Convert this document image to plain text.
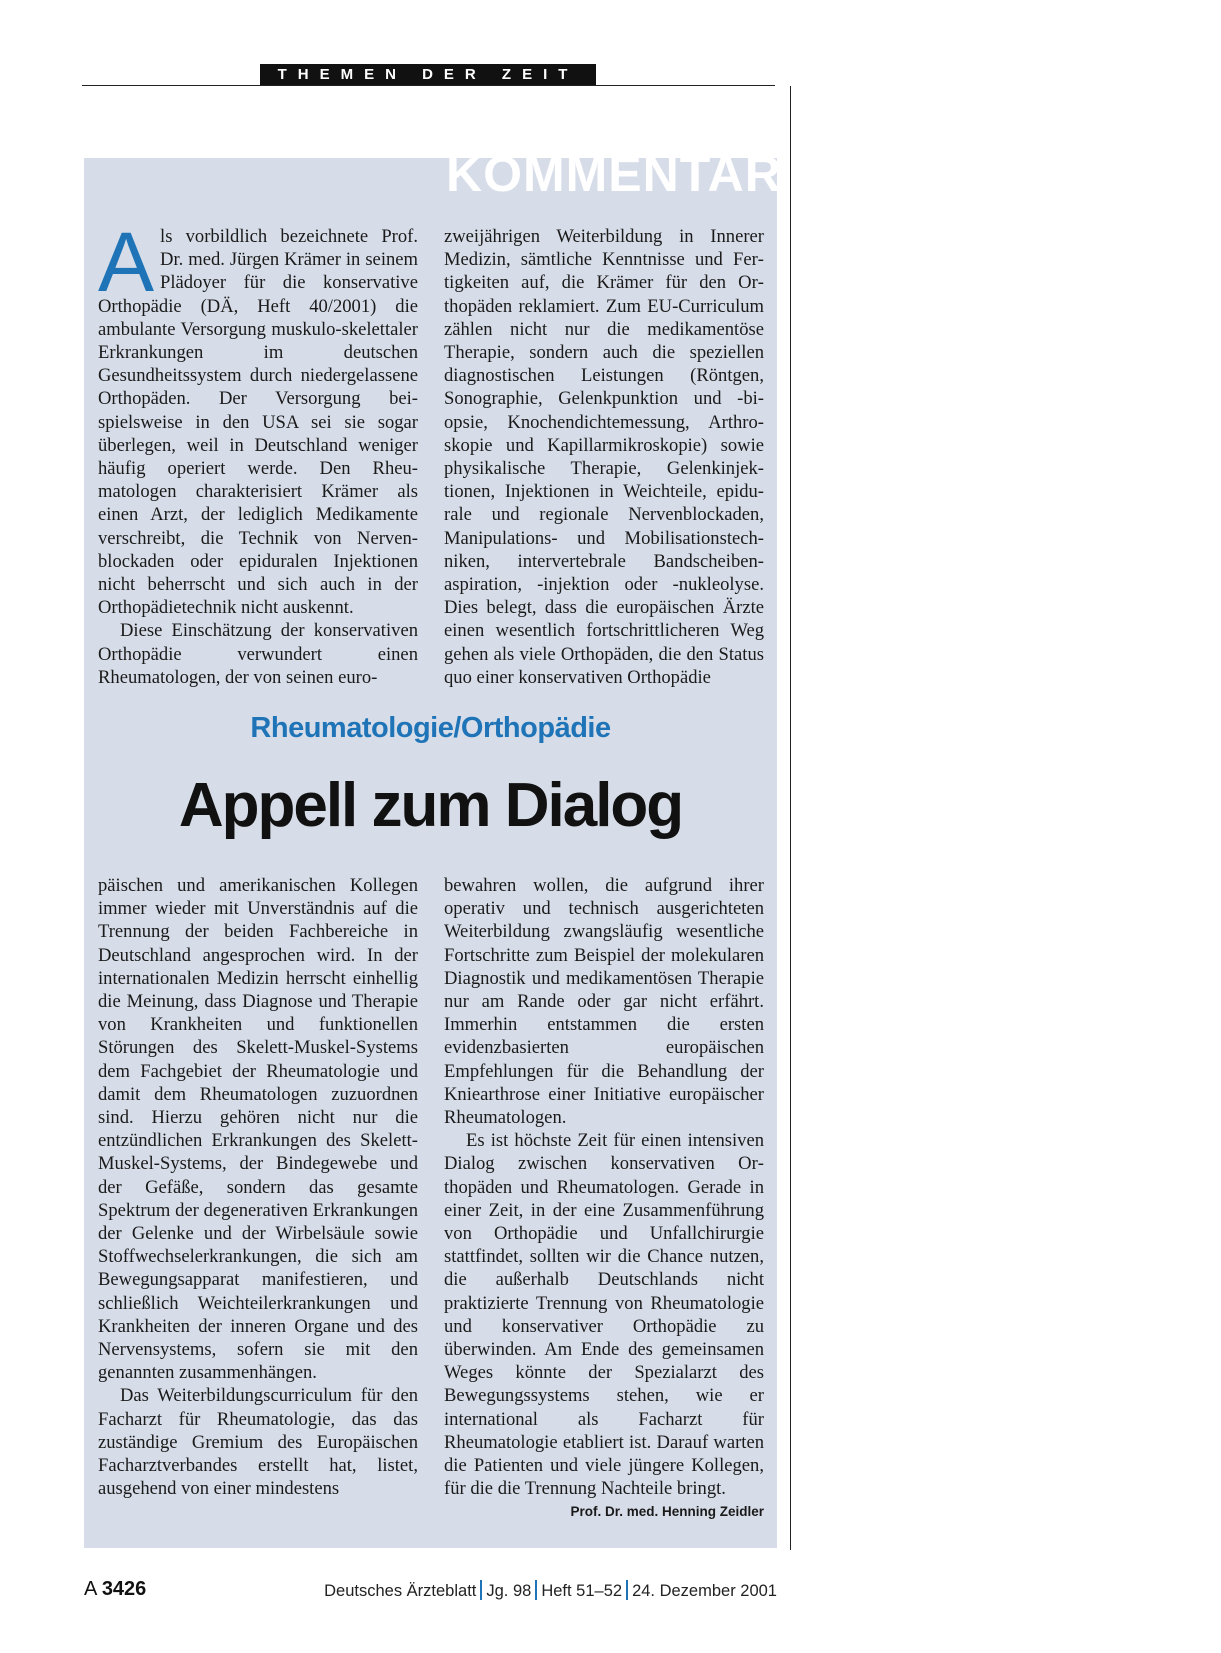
THEMEN DER ZEIT
KOMMENTAR

Als vorbildlich bezeichnete Prof. Dr. med. Jürgen Krämer in seinem Plädoyer für die konservative Orthopädie (DÄ, Heft 40/2001) die ambulante Versorgung muskulo-skelettaler Erkrankungen im deutschen Gesundheitssystem durch niedergelassene Orthopäden. Der Versorgung beispielsweise in den USA sei sie sogar überlegen, weil in Deutschland weniger häufig operiert werde. Den Rheumatologen charakterisiert Krämer als einen Arzt, der lediglich Medikamente verschreibt, die Technik von Nervenblockaden oder epiduralen Injektionen nicht beherrscht und sich auch in der Orthopädietechnik nicht auskennt.

Diese Einschätzung der konservativen Orthopädie verwundert einen Rheumatologen, der von seinen euro-

zweijährigen Weiterbildung in Innerer Medizin, sämtliche Kenntnisse und Fertigkeiten auf, die Krämer für den Orthopäden reklamiert. Zum EU-Curriculum zählen nicht nur die medikamentöse Therapie, sondern auch die speziellen diagnostischen Leistungen (Röntgen, Sonographie, Gelenkpunktion und -biopsie, Knochendichtemessung, Arthroskopie und Kapillarmikroskopie) sowie physikalische Therapie, Gelenkinjektionen, Injektionen in Weichteile, epidurale und regionale Nervenblockaden, Manipulations- und Mobilisationstechniken, intervertebrale Bandscheibenaspiration, -injektion oder -nukleolyse. Dies belegt, dass die europäischen Ärzte einen wesentlich fortschrittlicheren Weg gehen als viele Orthopäden, die den Status quo einer konservativen Orthopädie

Rheumatologie/Orthopädie
Appell zum Dialog

päischen und amerikanischen Kollegen immer wieder mit Unverständnis auf die Trennung der beiden Fachbereiche in Deutschland angesprochen wird. In der internationalen Medizin herrscht einhellig die Meinung, dass Diagnose und Therapie von Krankheiten und funktionellen Störungen des Skelett-Muskel-Systems dem Fachgebiet der Rheumatologie und damit dem Rheumatologen zuzuordnen sind. Hierzu gehören nicht nur die entzündlichen Erkrankungen des Skelett-Muskel-Systems, der Bindegewebe und der Gefäße, sondern das gesamte Spektrum der degenerativen Erkrankungen der Gelenke und der Wirbelsäule sowie Stoffwechselerkrankungen, die sich am Bewegungsapparat manifestieren, und schließlich Weichteilerkrankungen und Krankheiten der inneren Organe und des Nervensystems, sofern sie mit den genannten zusammenhängen.

Das Weiterbildungscurriculum für den Facharzt für Rheumatologie, das das zuständige Gremium des Europäischen Facharztverbandes erstellt hat, listet, ausgehend von einer mindestens

bewahren wollen, die aufgrund ihrer operativ und technisch ausgerichteten Weiterbildung zwangsläufig wesentliche Fortschritte zum Beispiel der molekularen Diagnostik und medikamentösen Therapie nur am Rande oder gar nicht erfährt. Immerhin entstammen die ersten evidenzbasierten europäischen Empfehlungen für die Behandlung der Kniearthrose einer Initiative europäischer Rheumatologen.

Es ist höchste Zeit für einen intensiven Dialog zwischen konservativen Orthopäden und Rheumatologen. Gerade in einer Zeit, in der eine Zusammenführung von Orthopädie und Unfallchirurgie stattfindet, sollten wir die Chance nutzen, die außerhalb Deutschlands nicht praktizierte Trennung von Rheumatologie und konservativer Orthopädie zu überwinden. Am Ende des gemeinsamen Weges könnte der Spezialarzt des Bewegungssystems stehen, wie er international als Facharzt für Rheumatologie etabliert ist. Darauf warten die Patienten und viele jüngere Kollegen, für die die Trennung Nachteile bringt.
Prof. Dr. med. Henning Zeidler

A 3426	Deutsches Ärzteblatt Jg. 98 Heft 51–52 24. Dezember 2001
